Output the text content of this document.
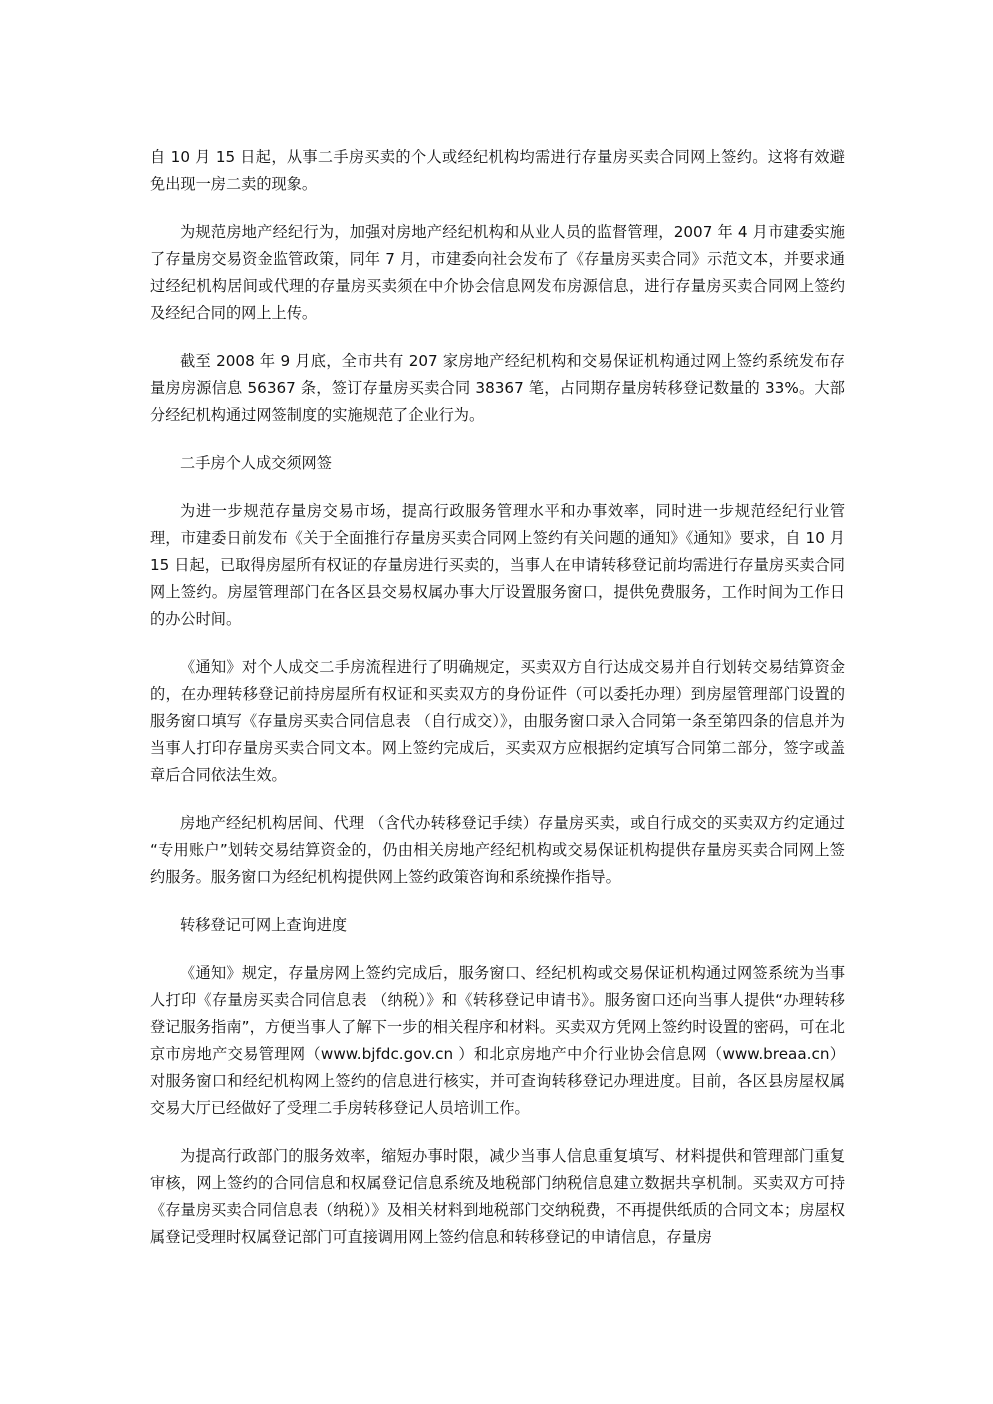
自 10 月 15 日起，从事二手房买卖的个人或经纪机构均需进行存量房买卖合同网上签约。这将有效避免出现一房二卖的现象。

为规范房地产经纪行为，加强对房地产经纪机构和从业人员的监督管理，2007 年 4 月市建委实施了存量房交易资金监管政策，同年 7 月，市建委向社会发布了《存量房买卖合同》示范文本，并要求通过经纪机构居间或代理的存量房买卖须在中介协会信息网发布房源信息，进行存量房买卖合同网上签约及经纪合同的网上上传。

截至 2008 年 9 月底，全市共有 207 家房地产经纪机构和交易保证机构通过网上签约系统发布存量房房源信息 56367 条，签订存量房买卖合同 38367 笔，占同期存量房转移登记数量的 33%。大部分经纪机构通过网签制度的实施规范了企业行为。

二手房个人成交须网签

为进一步规范存量房交易市场，提高行政服务管理水平和办事效率，同时进一步规范经纪行业管理，市建委日前发布《关于全面推行存量房买卖合同网上签约有关问题的通知》《通知》要求，自 10 月 15 日起，已取得房屋所有权证的存量房进行买卖的，当事人在申请转移登记前均需进行存量房买卖合同网上签约。房屋管理部门在各区县交易权属办事大厅设置服务窗口，提供免费服务，工作时间为工作日的办公时间。

《通知》对个人成交二手房流程进行了明确规定，买卖双方自行达成交易并自行划转交易结算资金的，在办理转移登记前持房屋所有权证和买卖双方的身份证件（可以委托办理）到房屋管理部门设置的服务窗口填写《存量房买卖合同信息表 （自行成交）》，由服务窗口录入合同第一条至第四条的信息并为当事人打印存量房买卖合同文本。网上签约完成后，买卖双方应根据约定填写合同第二部分，签字或盖章后合同依法生效。

房地产经纪机构居间、代理 （含代办转移登记手续）存量房买卖，或自行成交的买卖双方约定通过 “专用账户”划转交易结算资金的，仍由相关房地产经纪机构或交易保证机构提供存量房买卖合同网上签约服务。服务窗口为经纪机构提供网上签约政策咨询和系统操作指导。

转移登记可网上查询进度

《通知》规定，存量房网上签约完成后，服务窗口、经纪机构或交易保证机构通过网签系统为当事人打印《存量房买卖合同信息表 （纳税）》和《转移登记申请书》。服务窗口还向当事人提供“办理转移登记服务指南”，方便当事人了解下一步的相关程序和材料。买卖双方凭网上签约时设置的密码，可在北京市房地产交易管理网（www.bjfdc.gov.cn ）和北京房地产中介行业协会信息网（www.breaa.cn）对服务窗口和经纪机构网上签约的信息进行核实，并可查询转移登记办理进度。目前，各区县房屋权属交易大厅已经做好了受理二手房转移登记人员培训工作。

为提高行政部门的服务效率，缩短办事时限，减少当事人信息重复填写、材料提供和管理部门重复审核，网上签约的合同信息和权属登记信息系统及地税部门纳税信息建立数据共享机制。买卖双方可持《存量房买卖合同信息表（纳税）》及相关材料到地税部门交纳税费，不再提供纸质的合同文本；房屋权属登记受理时权属登记部门可直接调用网上签约信息和转移登记的申请信息，存量房
